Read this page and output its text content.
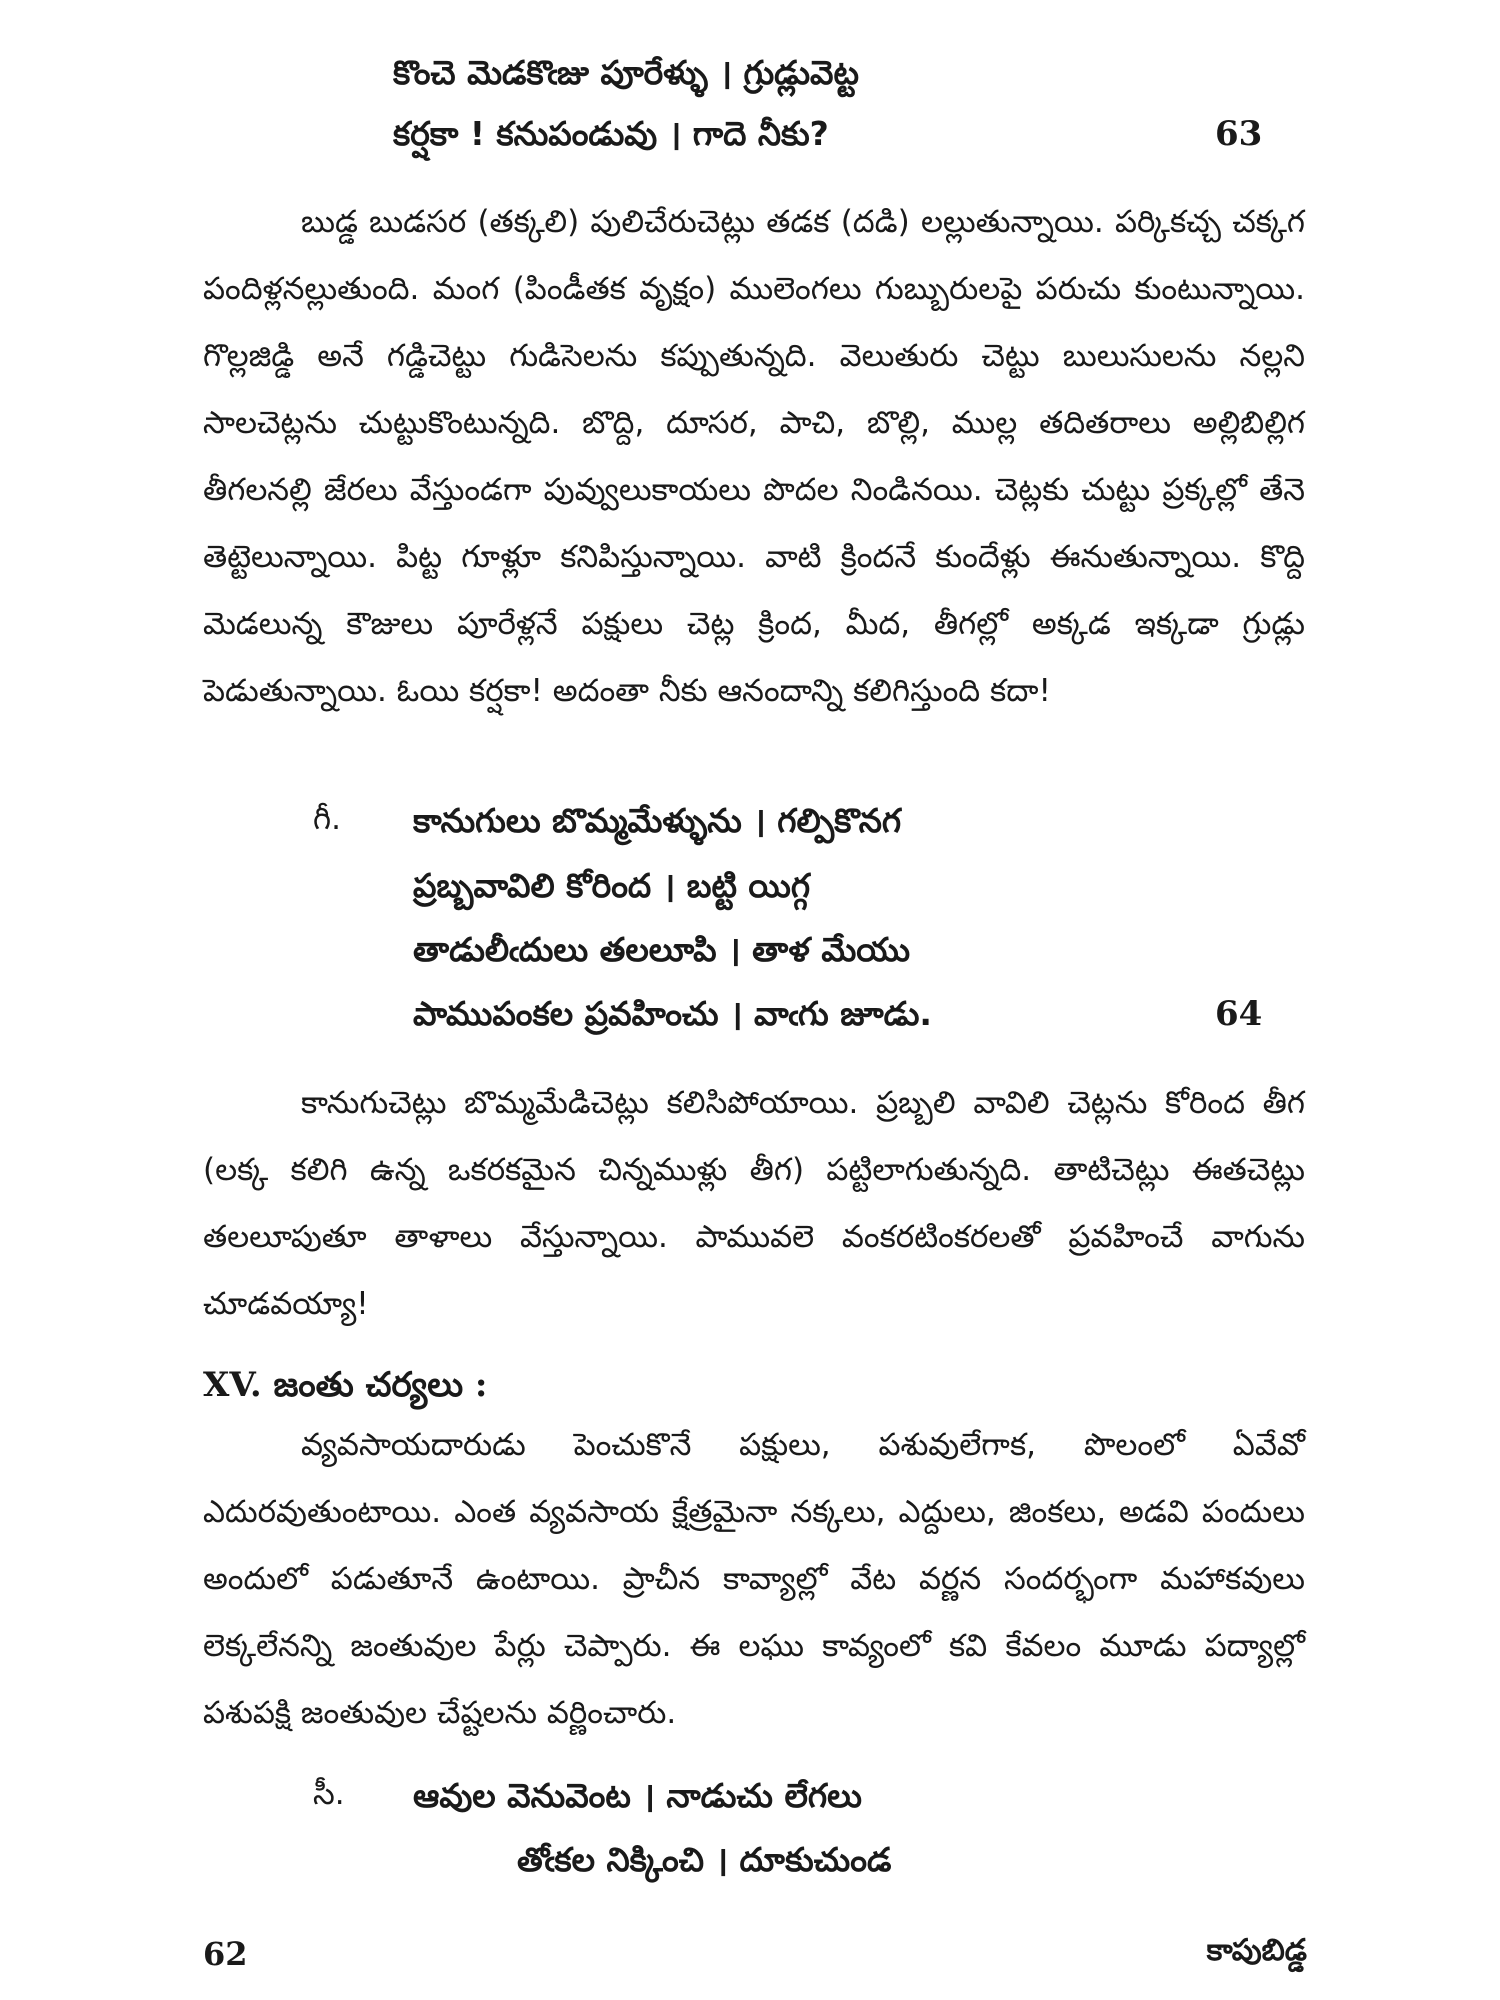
కొంచె మెడకొఁజు పూరేళ్ళు । గ్రుడ్లువెట్ట
కర్షకా ! కనుపండువు । గాదె నీకు?	63

బుడ్డ బుడసర (తక్కలి) పులిచేరుచెట్లు తడక (దడి) లల్లుతున్నాయి. పర్కికచ్చ చక్కగ పందిళ్లనల్లుతుంది. మంగ (పిండీతక వృక్షం) ములెంగలు గుబ్బురులపై పరుచు కుంటున్నాయి. గొల్లజిడ్డి అనే గడ్డిచెట్టు గుడిసెలను కప్పుతున్నది. వెలుతురు చెట్టు బులుసులను నల్లని సాలచెట్లను చుట్టుకొంటున్నది. బొద్ది, దూసర, పాచి, బొల్లి, ముల్ల తదితరాలు అల్లిబిల్లిగ తీగలనల్లి జేరలు వేస్తుండగా పువ్వులుకాయలు పొదల నిండినయి. చెట్లకు చుట్టు ప్రక్కల్లో తేనె తెట్టెలున్నాయి. పిట్ట గూళ్లూ కనిపిస్తున్నాయి. వాటి క్రిందనే కుందేళ్లు ఈనుతున్నాయి. కొద్ది మెడలున్న కౌజులు పూరేళ్లనే పక్షులు చెట్ల క్రింద, మీద, తీగల్లో అక్కడ ఇక్కడా గ్రుడ్లు పెడుతున్నాయి. ఓయి కర్షకా! అదంతా నీకు ఆనందాన్ని కలిగిస్తుంది కదా!

గీ. కానుగులు బొమ్మమేళ్ళును । గల్పికొనగ
ప్రబ్బవావిలి కోరింద । బట్టి యిగ్గ
తాడులీఁదులు తలలూపి । తాళ మేయు
పాముపంకల ప్రవహించు । వాఁగు జూడు.	64

కానుగుచెట్లు బొమ్మమేడిచెట్లు కలిసిపోయాయి. ప్రబ్బలి వావిలి చెట్లను కోరింద తీగ (లక్క కలిగి ఉన్న ఒకరకమైన చిన్నముళ్లు తీగ) పట్టిలాగుతున్నది. తాటిచెట్లు ఈతచెట్లు తలలూపుతూ తాళాలు వేస్తున్నాయి. పామువలె వంకరటింకరలతో ప్రవహించే వాగును చూడవయ్యా!

XV. జంతు చర్యలు :

వ్యవసాయదారుడు పెంచుకొనే పక్షులు, పశువులేగాక, పొలంలో ఏవేవో ఎదురవుతుంటాయి. ఎంత వ్యవసాయ క్షేత్రమైనా నక్కలు, ఎద్దులు, జింకలు, అడవి పందులు అందులో పడుతూనే ఉంటాయి. ప్రాచీన కావ్యాల్లో వేట వర్ణన సందర్భంగా మహాకవులు లెక్కలేనన్ని జంతువుల పేర్లు చెప్పారు. ఈ లఘు కావ్యంలో కవి కేవలం మూడు పద్యాల్లో పశుపక్షి జంతువుల చేష్టలను వర్ణించారు.

సీ. ఆవుల వెనువెంట । నాడుచు లేగలు
తోఁకల నిక్కించి । దూకుచుండ
62	కాపుబిడ్డ
